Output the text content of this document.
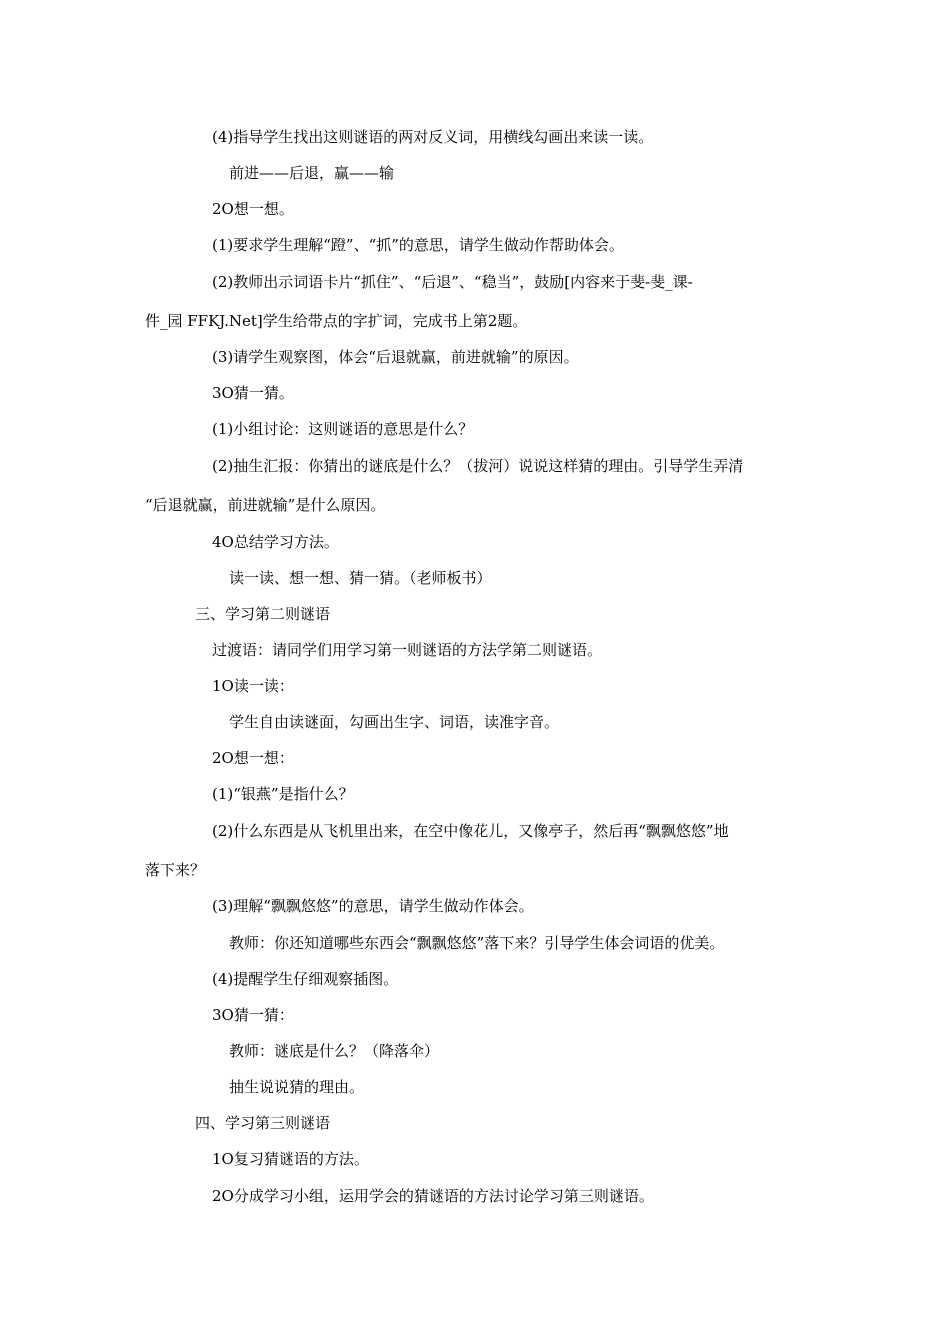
(4)指导学生找出这则谜语的两对反义词，用横线勾画出来读一读。
前进——后退，赢——输
2O想一想。
(1)要求学生理解“蹬”、“抓”的意思，请学生做动作帮助体会。
(2)教师出示词语卡片“抓住”、“后退”、“稳当”，鼓励[内容来于斐-斐_课-
件_园 FFKJ.Net]学生给带点的字扩词，完成书上第2题。
(3)请学生观察图，体会“后退就赢，前进就输”的原因。
3O猜一猜。
(1)小组讨论：这则谜语的意思是什么？
(2)抽生汇报：你猜出的谜底是什么？（拔河）说说这样猜的理由。引导学生弄清
“后退就赢，前进就输”是什么原因。
4O总结学习方法。
读一读、想一想、猜一猜。（老师板书）
三、学习第二则谜语
过渡语：请同学们用学习第一则谜语的方法学第二则谜语。
1O读一读：
学生自由读谜面，勾画出生字、词语，读准字音。
2O想一想：
(1)“银燕”是指什么？
(2)什么东西是从飞机里出来，在空中像花儿，又像亭子，然后再“飘飘悠悠”地
落下来？
(3)理解“飘飘悠悠”的意思，请学生做动作体会。
教师：你还知道哪些东西会“飘飘悠悠”落下来？引导学生体会词语的优美。
(4)提醒学生仔细观察插图。
3O猜一猜：
教师：谜底是什么？（降落伞）
抽生说说猜的理由。
四、学习第三则谜语
1O复习猜谜语的方法。
2O分成学习小组，运用学会的猜谜语的方法讨论学习第三则谜语。
